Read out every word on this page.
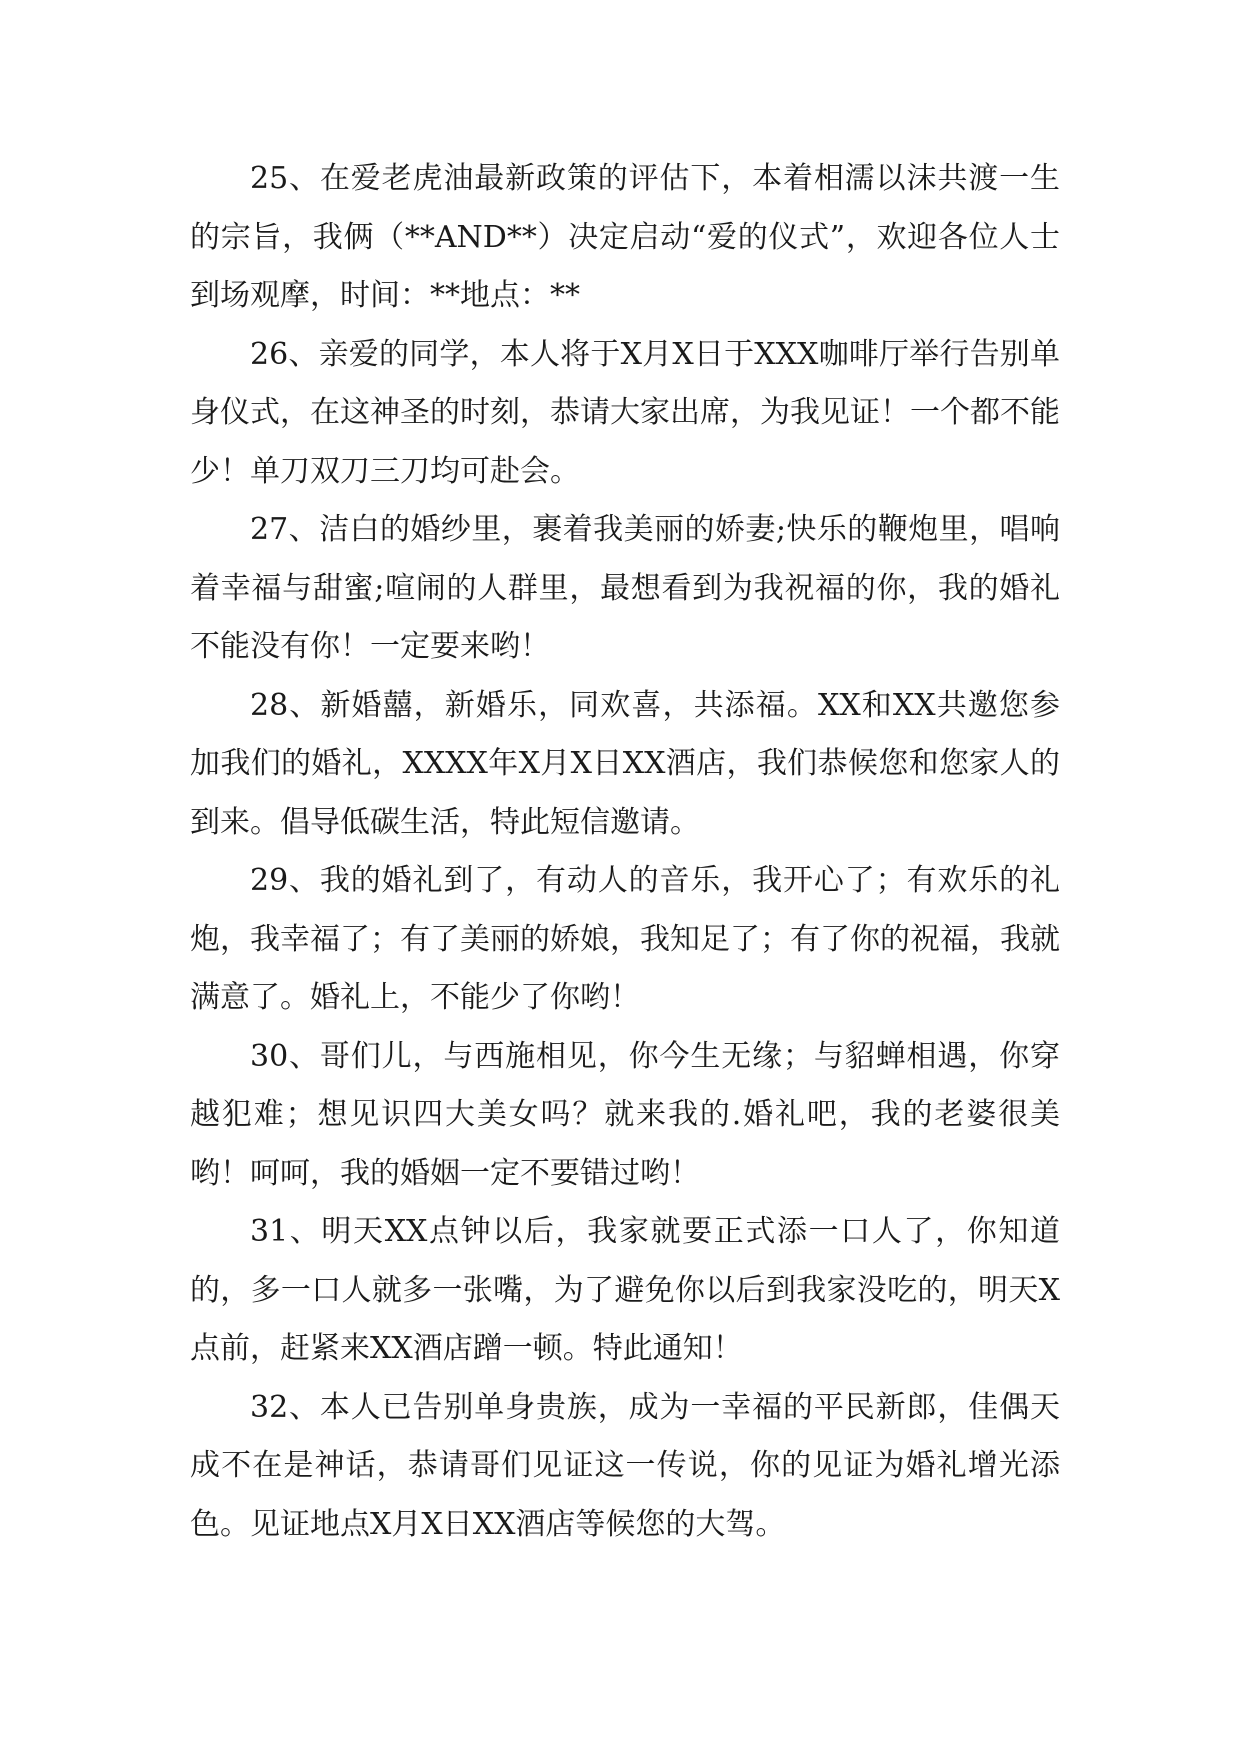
25、在爱老虎油最新政策的评估下，本着相濡以沫共渡一生的宗旨，我俩（**AND**）决定启动“爱的仪式”，欢迎各位人士到场观摩，时间：**地点：**

26、亲爱的同学，本人将于X月X日于XXX咖啡厅举行告别单身仪式，在这神圣的时刻，恭请大家出席，为我见证！一个都不能少！单刀双刀三刀均可赴会。

27、洁白的婚纱里，裹着我美丽的娇妻;快乐的鞭炮里，唱响着幸福与甜蜜;喧闹的人群里，最想看到为我祝福的你，我的婚礼不能没有你！一定要来哟！

28、新婚囍，新婚乐，同欢喜，共添福。XX和XX共邀您参加我们的婚礼，XXXX年X月X日XX酒店，我们恭候您和您家人的到来。倡导低碳生活，特此短信邀请。

29、我的婚礼到了，有动人的音乐，我开心了；有欢乐的礼炮，我幸福了；有了美丽的娇娘，我知足了；有了你的祝福，我就满意了。婚礼上，不能少了你哟！

30、哥们儿，与西施相见，你今生无缘；与貂蝉相遇，你穿越犯难；想见识四大美女吗？就来我的.婚礼吧，我的老婆很美哟！呵呵，我的婚姻一定不要错过哟！

31、明天XX点钟以后，我家就要正式添一口人了，你知道的，多一口人就多一张嘴，为了避免你以后到我家没吃的，明天X点前，赶紧来XX酒店蹭一顿。特此通知！

32、本人已告别单身贵族，成为一幸福的平民新郎，佳偶天成不在是神话，恭请哥们见证这一传说，你的见证为婚礼增光添色。见证地点X月X日XX酒店等候您的大驾。
